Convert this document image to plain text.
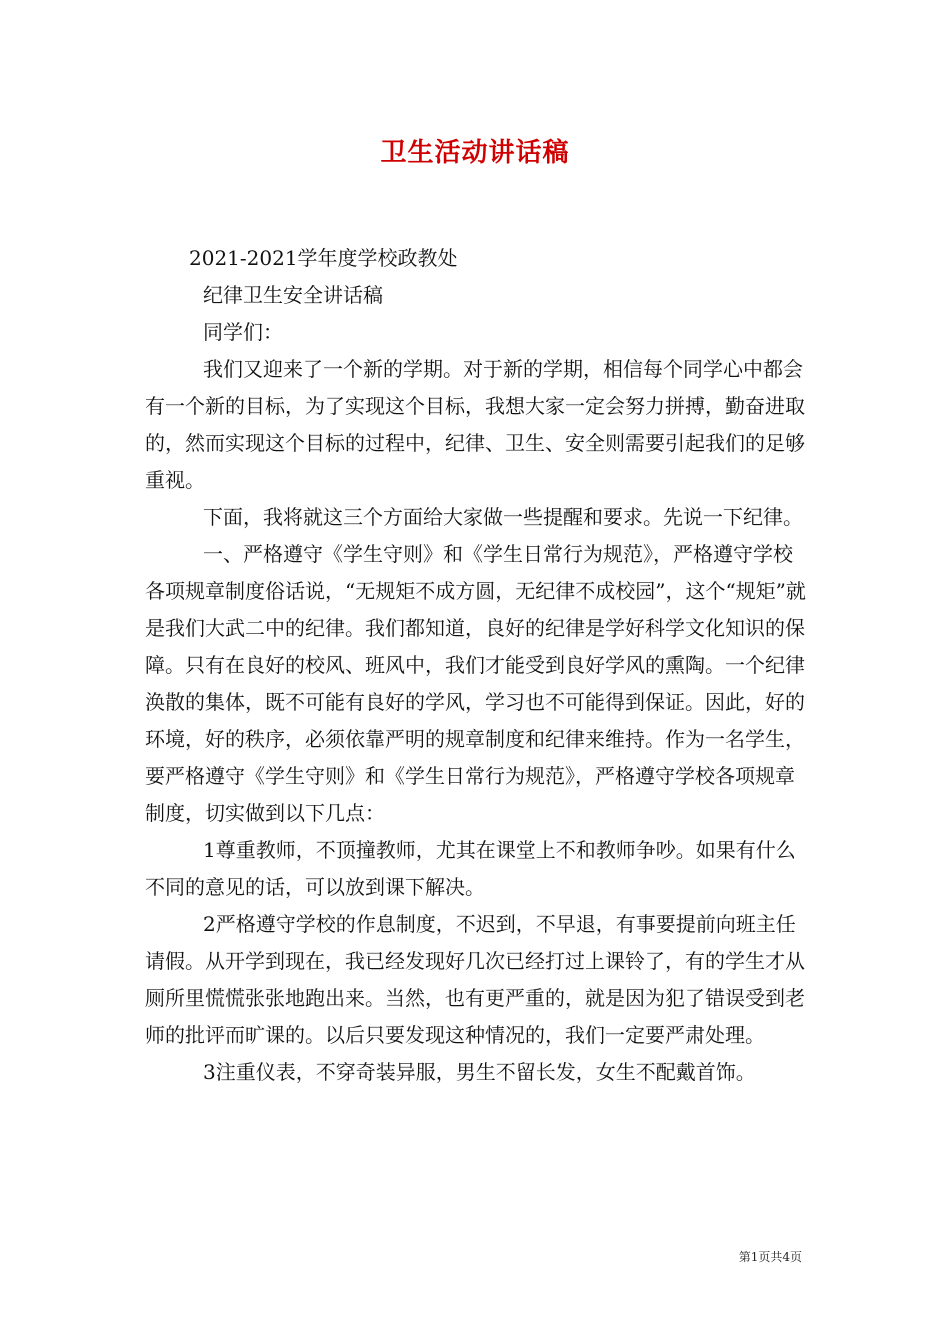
卫生活动讲话稿

2021-2021学年度学校政教处

纪律卫生安全讲话稿

同学们：

我们又迎来了一个新的学期。对于新的学期，相信每个同学心中都会有一个新的目标，为了实现这个目标，我想大家一定会努力拼搏，勤奋进取的，然而实现这个目标的过程中，纪律、卫生、安全则需要引起我们的足够重视。

下面，我将就这三个方面给大家做一些提醒和要求。先说一下纪律。

一、严格遵守《学生守则》和《学生日常行为规范》，严格遵守学校各项规章制度俗话说，“无规矩不成方圆，无纪律不成校园”，这个“规矩”就是我们大武二中的纪律。我们都知道，良好的纪律是学好科学文化知识的保障。只有在良好的校风、班风中，我们才能受到良好学风的熏陶。一个纪律涣散的集体，既不可能有良好的学风，学习也不可能得到保证。因此，好的环境，好的秩序，必须依靠严明的规章制度和纪律来维持。作为一名学生，要严格遵守《学生守则》和《学生日常行为规范》，严格遵守学校各项规章制度，切实做到以下几点：

1尊重教师，不顶撞教师，尤其在课堂上不和教师争吵。如果有什么不同的意见的话，可以放到课下解决。

2严格遵守学校的作息制度，不迟到，不早退，有事要提前向班主任请假。从开学到现在，我已经发现好几次已经打过上课铃了，有的学生才从厕所里慌慌张张地跑出来。当然，也有更严重的，就是因为犯了错误受到老师的批评而旷课的。以后只要发现这种情况的，我们一定要严肃处理。

3注重仪表，不穿奇装异服，男生不留长发，女生不配戴首饰。

第1页共4页
